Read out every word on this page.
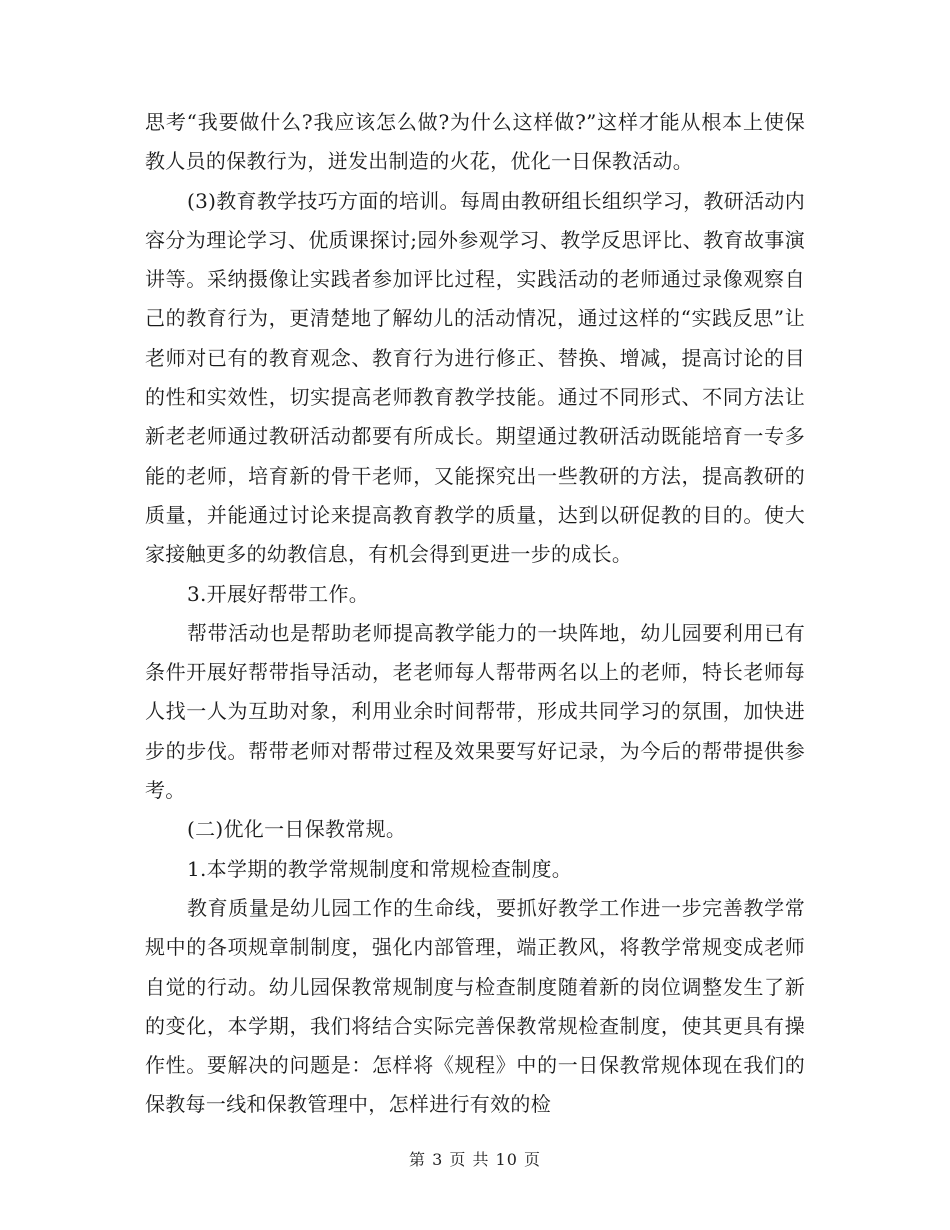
思考“我要做什么?我应该怎么做?为什么这样做?”这样才能从根本上使保教人员的保教行为，迸发出制造的火花，优化一日保教活动。

(3)教育教学技巧方面的培训。每周由教研组长组织学习，教研活动内容分为理论学习、优质课探讨;园外参观学习、教学反思评比、教育故事演讲等。采纳摄像让实践者参加评比过程，实践活动的老师通过录像观察自己的教育行为，更清楚地了解幼儿的活动情况，通过这样的“实践反思”让老师对已有的教育观念、教育行为进行修正、替换、增减，提高讨论的目的性和实效性，切实提高老师教育教学技能。通过不同形式、不同方法让新老老师通过教研活动都要有所成长。期望通过教研活动既能培育一专多能的老师，培育新的骨干老师，又能探究出一些教研的方法，提高教研的质量，并能通过讨论来提高教育教学的质量，达到以研促教的目的。使大家接触更多的幼教信息，有机会得到更进一步的成长。

3.开展好帮带工作。

帮带活动也是帮助老师提高教学能力的一块阵地，幼儿园要利用已有条件开展好帮带指导活动，老老师每人帮带两名以上的老师，特长老师每人找一人为互助对象，利用业余时间帮带，形成共同学习的氛围，加快进步的步伐。帮带老师对帮带过程及效果要写好记录，为今后的帮带提供参考。

(二)优化一日保教常规。

1.本学期的教学常规制度和常规检查制度。

教育质量是幼儿园工作的生命线，要抓好教学工作进一步完善教学常规中的各项规章制制度，强化内部管理，端正教风，将教学常规变成老师自觉的行动。幼儿园保教常规制度与检查制度随着新的岗位调整发生了新的变化，本学期，我们将结合实际完善保教常规检查制度，使其更具有操作性。要解决的问题是：怎样将《规程》中的一日保教常规体现在我们的保教每一线和保教管理中，怎样进行有效的检

第 3 页 共 10 页
